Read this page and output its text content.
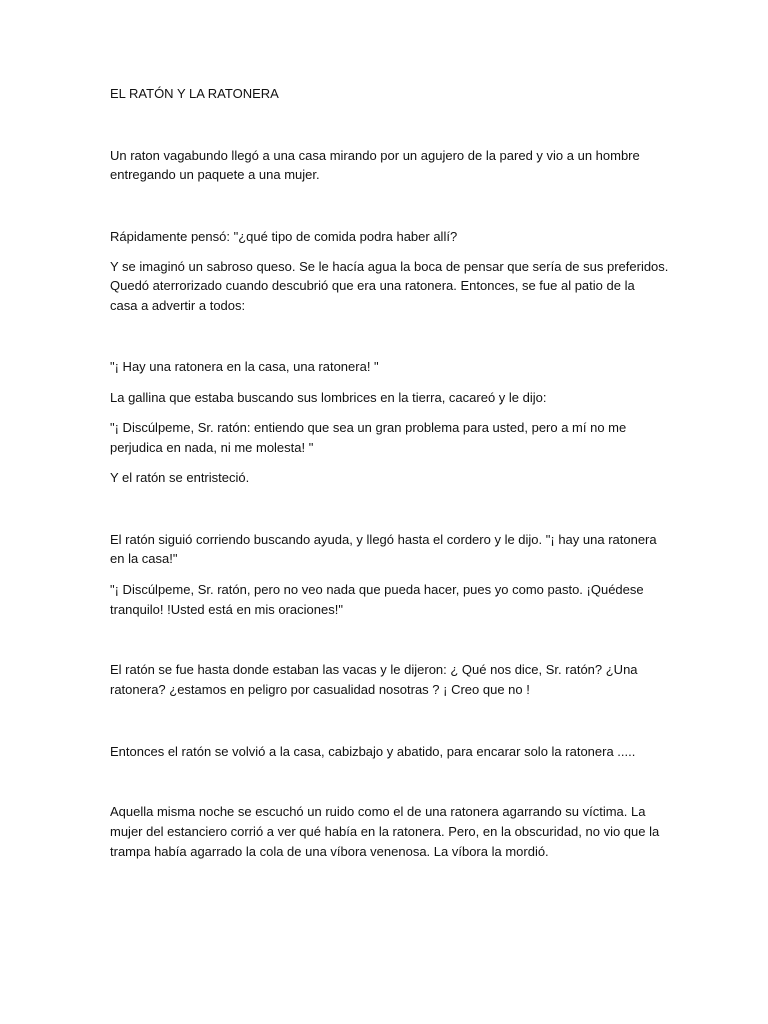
EL RATÓN Y LA RATONERA

Un raton vagabundo llegó a una casa mirando por un agujero de la pared y vio a un hombre

entregando un paquete a una mujer.

Rápidamente pensó: "¿qué tipo de comida podra haber allí?

Y se imaginó un sabroso queso. Se le hacía agua la boca de pensar que sería de sus preferidos.

Quedó aterrorizado cuando descubrió que era una ratonera. Entonces, se fue al patio de la

casa a advertir a todos:

"¡ Hay una ratonera en la casa, una ratonera! "

La gallina que estaba buscando sus lombrices en la tierra, cacareó y le dijo:

"¡ Discúlpeme, Sr. ratón: entiendo que sea un gran problema para usted, pero a mí no me

perjudica en nada, ni me molesta! "

Y el ratón se entristeció.

El ratón siguió corriendo buscando ayuda, y llegó hasta el cordero y le dijo. "¡ hay una ratonera

en la casa!"

"¡ Discúlpeme, Sr. ratón, pero no veo nada que pueda hacer, pues yo como pasto. ¡Quédese

tranquilo! !Usted está en mis oraciones!"

El ratón se fue hasta donde estaban las vacas y le dijeron: ¿ Qué nos dice, Sr. ratón? ¿Una

ratonera? ¿estamos en peligro por casualidad nosotras ? ¡ Creo que no !

Entonces el ratón se volvió a la casa, cabizbajo y abatido, para encarar solo la ratonera .....

Aquella misma noche se escuchó un ruido como el de una ratonera agarrando su víctima. La

mujer del estanciero corrió a ver qué había en la ratonera. Pero, en la obscuridad, no vio que la

trampa había agarrado la cola de una víbora venenosa. La víbora la mordió.
